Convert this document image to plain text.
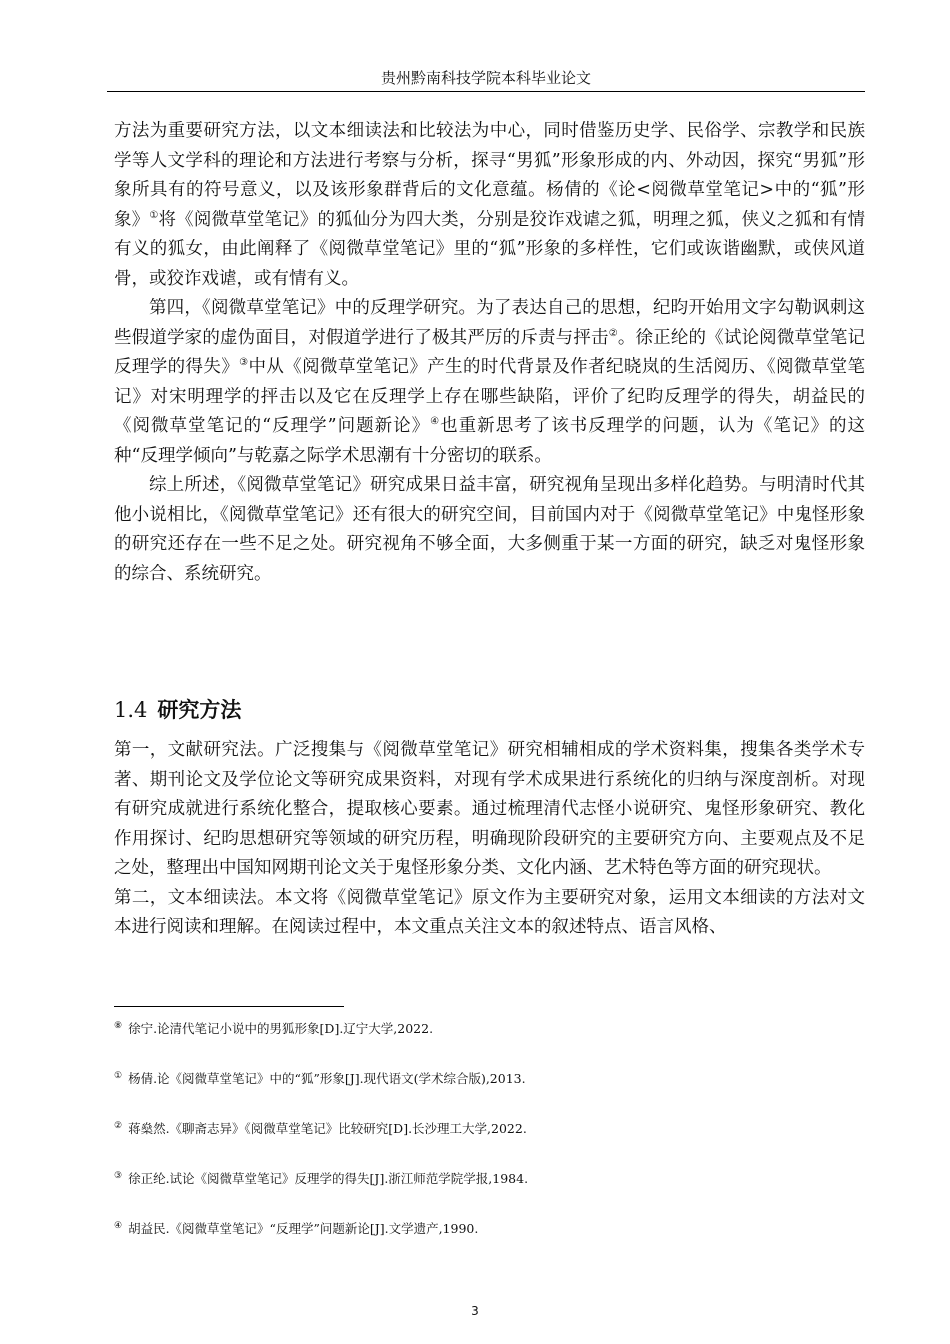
贵州黔南科技学院本科毕业论文

方法为重要研究方法，以文本细读法和比较法为中心，同时借鉴历史学、民俗学、宗教学和民族学等人文学科的理论和方法进行考察与分析，探寻“男狐”形象形成的内、外动因，探究“男狐”形象所具有的符号意义，以及该形象群背后的文化意蕴。杨倩的《论<阅微草堂笔记>中的“狐”形象》①将《阅微草堂笔记》的狐仙分为四大类，分别是狡诈戏谑之狐，明理之狐，侠义之狐和有情有义的狐女，由此阐释了《阅微草堂笔记》里的“狐”形象的多样性，它们或诙谐幽默，或侠风道骨，或狡诈戏谑，或有情有义。

第四，《阅微草堂笔记》中的反理学研究。为了表达自己的思想，纪昀开始用文字勾勒讽刺这些假道学家的虚伪面目，对假道学进行了极其严厉的斥责与抨击②。徐正纶的《试论阅微草堂笔记反理学的得失》③中从《阅微草堂笔记》产生的时代背景及作者纪晓岚的生活阅历、《阅微草堂笔记》对宋明理学的抨击以及它在反理学上存在哪些缺陷，评价了纪昀反理学的得失，胡益民的《阅微草堂笔记的“反理学”问题新论》④也重新思考了该书反理学的问题，认为《笔记》的这种“反理学倾向”与乾嘉之际学术思潮有十分密切的联系。

综上所述，《阅微草堂笔记》研究成果日益丰富，研究视角呈现出多样化趋势。与明清时代其他小说相比，《阅微草堂笔记》还有很大的研究空间，目前国内对于《阅微草堂笔记》中鬼怪形象的研究还存在一些不足之处。研究视角不够全面，大多侧重于某一方面的研究，缺乏对鬼怪形象的综合、系统研究。

1.4 研究方法

第一，文献研究法。广泛搜集与《阅微草堂笔记》研究相辅相成的学术资料集，搜集各类学术专著、期刊论文及学位论文等研究成果资料，对现有学术成果进行系统化的归纳与深度剖析。对现有研究成就进行系统化整合，提取核心要素。通过梳理清代志怪小说研究、鬼怪形象研究、教化作用探讨、纪昀思想研究等领域的研究历程，明确现阶段研究的主要研究方向、主要观点及不足之处，整理出中国知网期刊论文关于鬼怪形象分类、文化内涵、艺术特色等方面的研究现状。

第二，文本细读法。本文将《阅微草堂笔记》原文作为主要研究对象，运用文本细读的方法对文本进行阅读和理解。在阅读过程中，本文重点关注文本的叙述特点、语言风格、

⑧ 徐宁.论清代笔记小说中的男狐形象[D].辽宁大学,2022.
① 杨倩.论《阅微草堂笔记》中的“狐”形象[J].现代语文(学术综合版),2013.
② 蒋燊然.《聊斋志异》《阅微草堂笔记》比较研究[D].长沙理工大学,2022.
③ 徐正纶.试论《阅微草堂笔记》反理学的得失[J].浙江师范学院学报,1984.
④ 胡益民.《阅微草堂笔记》“反理学”问题新论[J].文学遗产,1990.
3
